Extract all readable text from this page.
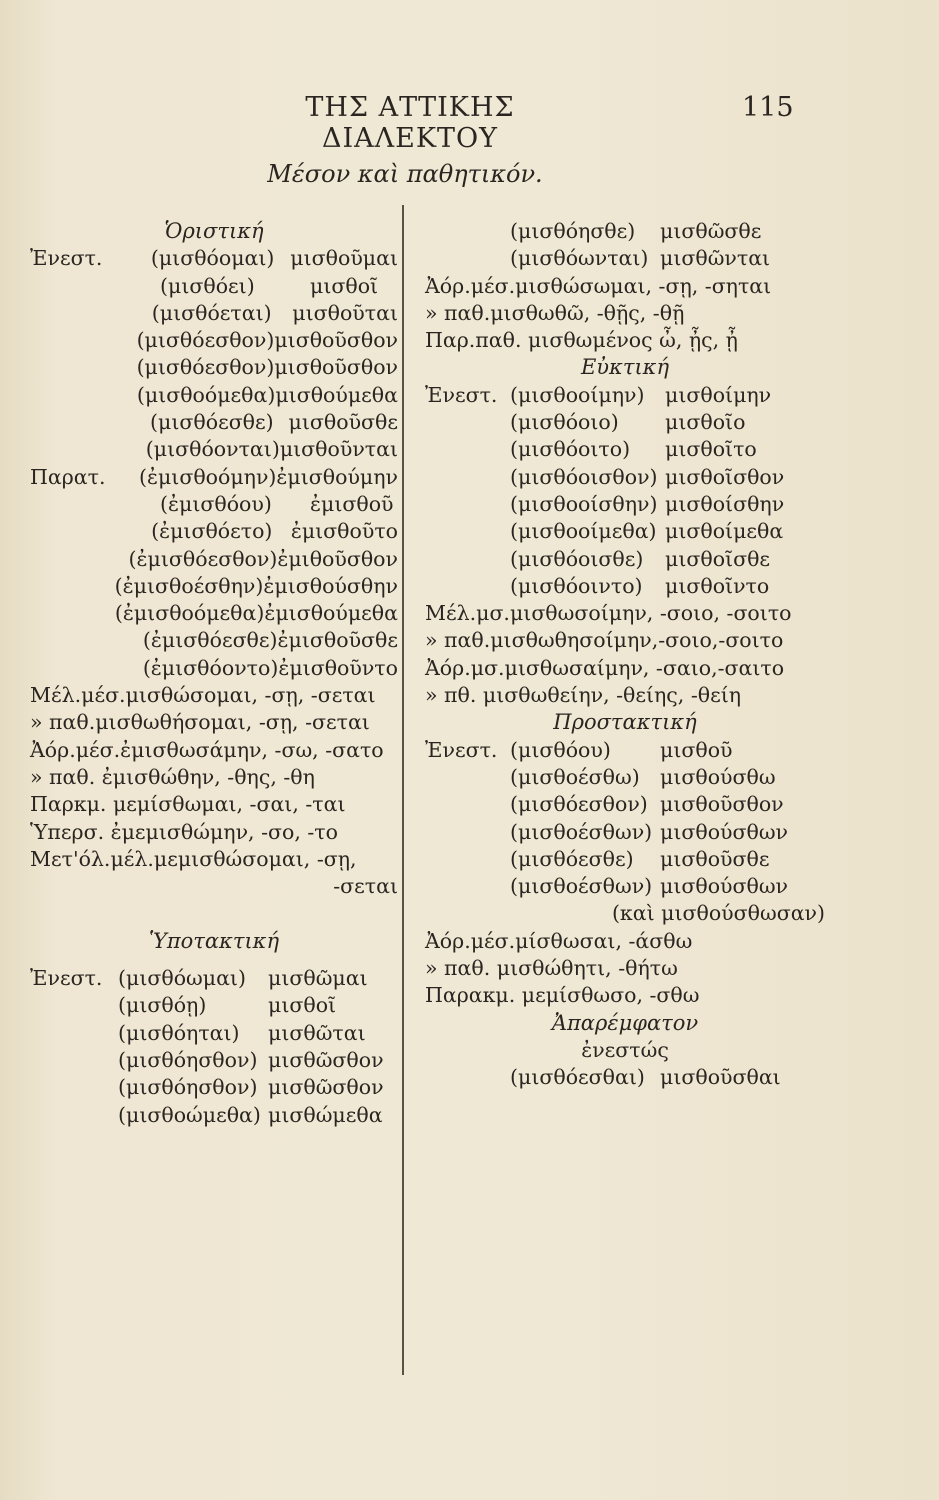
ΤΗΣ ΑΤΤΙΚΗΣ ΔΙΑΛΕΚΤΟΥ
115
Μέσον καὶ παθητικόν.
Ὁριστική
Ἐνεστ.	(μισθόομαι) μισθοῦμαι
(μισθόει)	μισθοῖ
(μισθόεται)	μισθοῦται
(μισθόεσθον) μισθοῦσθον
(μισθόεσθον) μισθοῦσθον
(μισθοόμεθα) μισθούμεθα
(μισθόεσθε) μισθοῦσθε
(μισθόονται) μισθοῦνται
Παρατ.	(ἐμισθοόμην) ἐμισθούμην
(ἐμισθόου)	ἐμισθοῦ
(ἐμισθόετο) ἐμισθοῦτο
(ἐμισθόεσθον) ἐμιθοῦσθον
(ἐμισθοέσθην) ἐμισθούσθην
(ἐμισθοόμεθα) ἐμισθούμεθα
(ἐμισθόεσθε) ἐμισθοῦσθε
(ἐμισθόοντο) ἐμισθοῦντο
Μέλ.μέσ.μισθώσομαι, -σῃ, -σεται
» παθ.μισθωθήσομαι, -σῃ, -σεται
Ἀόρ.μέσ.ἐμισθωσάμην, -σω, -σατο
» παθ. ἐμισθώθην, -θης, -θη
Παρκμ. μεμίσθωμαι, -σαι, -ται
Ὑπερσ. ἐμεμισθώμην, -σο, -το
Μετ'όλ.μέλ.μεμισθώσομαι, -σῃ,
-σεται
Ὑποτακτική
Ἐνεστ. (μισθόωμαι)	μισθῶμαι
(μισθόῃ)	μισθοῖ
(μισθόηται)	μισθῶται
(μισθόησθον) μισθῶσθον
(μισθόησθον) μισθῶσθον
(μισθοώμεθα) μισθώμεθα
(μισθόησθε)	μισθῶσθε
(μισθόωνται) μισθῶνται
Ἀόρ.μέσ.μισθώσωμαι, -σῃ, -σηται
» παθ.μισθωθῶ, -θῇς, -θῇ
Παρ.παθ. μισθωμένος ὦ, ᾖς, ᾖ
Εὐκτική
Ἐνεστ. (μισθοοίμην)	μισθοίμην
(μισθόοιο)	μισθοῖο
(μισθόοιτο)	μισθοῖτο
(μισθόοισθον) μισθοῖσθον
(μισθοοίσθην) μισθοίσθην
(μισθοοίμεθα) μισθοίμεθα
(μισθόοισθε)	μισθοῖσθε
(μισθόοιντο)	μισθοῖντο
Μέλ.μσ.μισθωσοίμην, -σοιο, -σοιτο
» παθ.μισθωθησοίμην,-σοιο,-σοιτο
Ἀόρ.μσ.μισθωσαίμην, -σαιο,-σαιτο
» πθ. μισθωθείην, -θείης, -θείη
Προστακτική
Ἐνεστ. (μισθόου)	μισθοῦ
(μισθοέσθω) μισθούσθω
(μισθόεσθον) μισθοῦσθον
(μισθοέσθων) μισθούσθων
(μισθόεσθε)	μισθοῦσθε
(μισθοέσθων) μισθούσθων
(καὶ μισθούσθωσαν)
Ἀόρ.μέσ.μίσθωσαι, -άσθω
» παθ. μισθώθητι, -θήτω
Παρακμ. μεμίσθωσο, -σθω
Ἀπαρέμφατον
ἐνεστώς
(μισθόεσθαι) μισθοῦσθαι
